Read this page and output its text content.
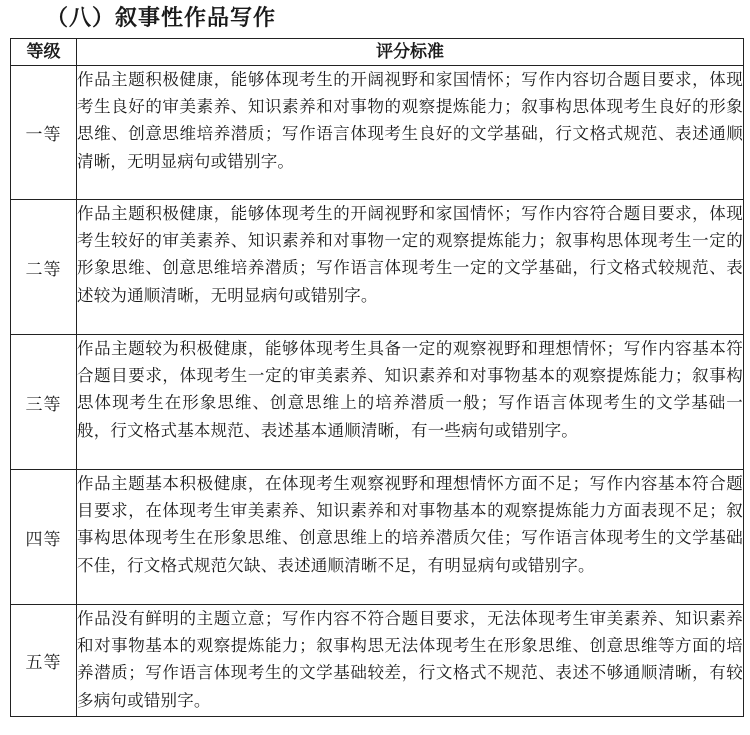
（八）叙事性作品写作
等级	评分标准
一等	作品主题积极健康，能够体现考生的开阔视野和家国情怀；写作内容切合题目要求，体现考生良好的审美素养、知识素养和对事物的观察提炼能力；叙事构思体现考生良好的形象思维、创意思维培养潜质；写作语言体现考生良好的文学基础，行文格式规范、表述通顺清晰，无明显病句或错别字。
二等	作品主题积极健康，能够体现考生的开阔视野和家国情怀；写作内容符合题目要求，体现考生较好的审美素养、知识素养和对事物一定的观察提炼能力；叙事构思体现考生一定的形象思维、创意思维培养潜质；写作语言体现考生一定的文学基础，行文格式较规范、表述较为通顺清晰，无明显病句或错别字。
三等	作品主题较为积极健康，能够体现考生具备一定的观察视野和理想情怀；写作内容基本符合题目要求，体现考生一定的审美素养、知识素养和对事物基本的观察提炼能力；叙事构思体现考生在形象思维、创意思维上的培养潜质一般；写作语言体现考生的文学基础一般，行文格式基本规范、表述基本通顺清晰，有一些病句或错别字。
四等	作品主题基本积极健康，在体现考生观察视野和理想情怀方面不足；写作内容基本符合题目要求，在体现考生审美素养、知识素养和对事物基本的观察提炼能力方面表现不足；叙事构思体现考生在形象思维、创意思维上的培养潜质欠佳；写作语言体现考生的文学基础不佳，行文格式规范欠缺、表述通顺清晰不足，有明显病句或错别字。
五等	作品没有鲜明的主题立意；写作内容不符合题目要求，无法体现考生审美素养、知识素养和对事物基本的观察提炼能力；叙事构思无法体现考生在形象思维、创意思维等方面的培养潜质；写作语言体现考生的文学基础较差，行文格式不规范、表述不够通顺清晰，有较多病句或错别字。
